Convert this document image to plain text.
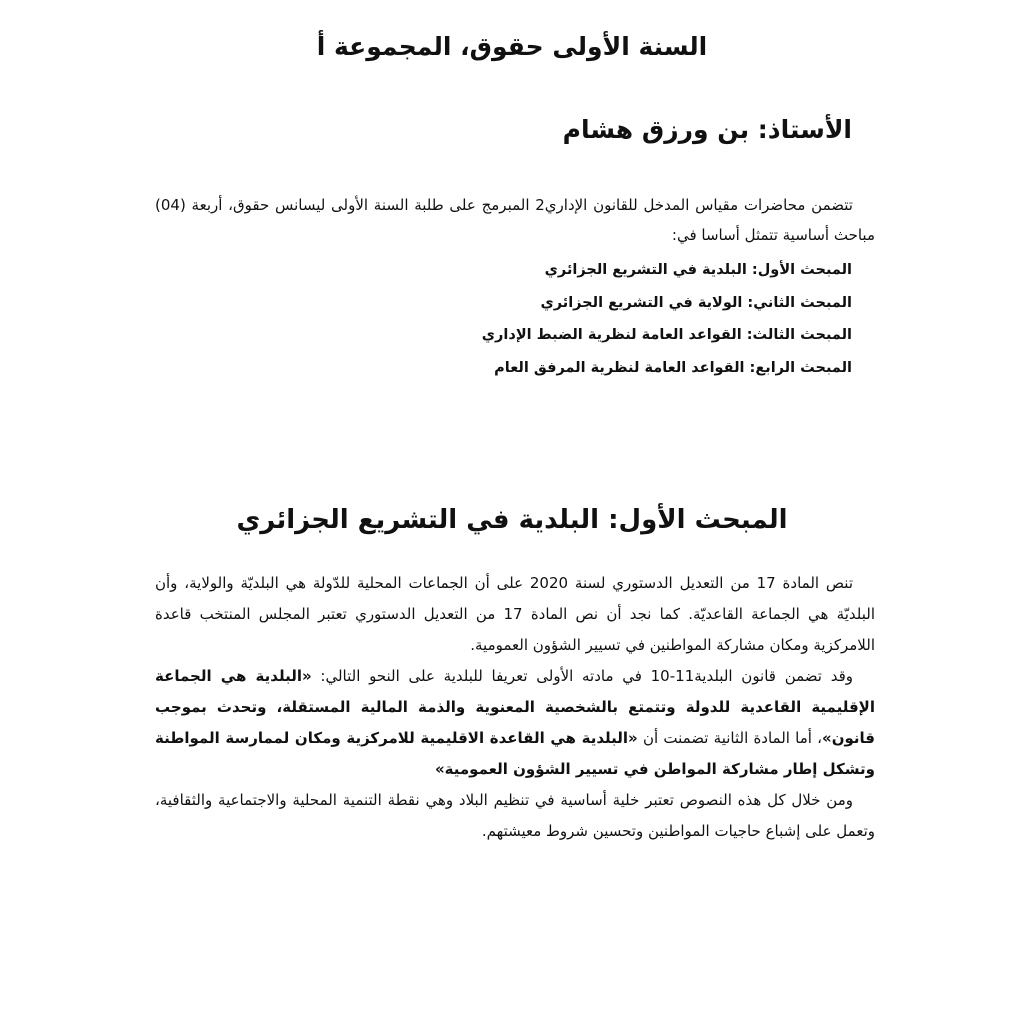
السنة الأولى حقوق، المجموعة أ
الأستاذ: بن ورزق هشام

تتضمن محاضرات مقياس المدخل للقانون الإداري2 المبرمج على طلبة السنة الأولى ليسانس حقوق، أربعة (04) مباحث أساسية تتمثل أساسا في:

المبحث الأول: البلدية في التشريع الجزائري
المبحث الثاني: الولاية في التشريع الجزائري
المبحث الثالث: القواعد العامة لنظرية الضبط الإداري
المبحث الرابع: القواعد العامة لنظرية المرفق العام
المبحث الأول: البلدية في التشريع الجزائري

تنص المادة 17 من التعديل الدستوري لسنة 2020 على أن الجماعات المحلية للدّولة هي البلديّة والولاية، وأن البلديّة هي الجماعة القاعديّة. كما نجد أن نص المادة 17 من التعديل الدستوري تعتبر المجلس المنتخب قاعدة اللامركزية ومكان مشاركة المواطنين في تسيير الشؤون العمومية.

وقد تضمن قانون البلدية11-10 في مادته الأولى تعريفا للبلدية على النحو التالي: «البلدية هي الجماعة الإقليمية القاعدية للدولة وتتمتع بالشخصية المعنوية والذمة المالية المستقلة، وتحدث بموجب قانون»، أما المادة الثانية تضمنت أن «البلدية هي القاعدة الاقليمية للامركزية ومكان لممارسة المواطنة وتشكل إطار مشاركة المواطن في تسيير الشؤون العمومية»

ومن خلال كل هذه النصوص تعتبر خلية أساسية في تنظيم البلاد وهي نقطة التنمية المحلية والاجتماعية والثقافية، وتعمل على إشباع حاجيات المواطنين وتحسين شروط معيشتهم.
